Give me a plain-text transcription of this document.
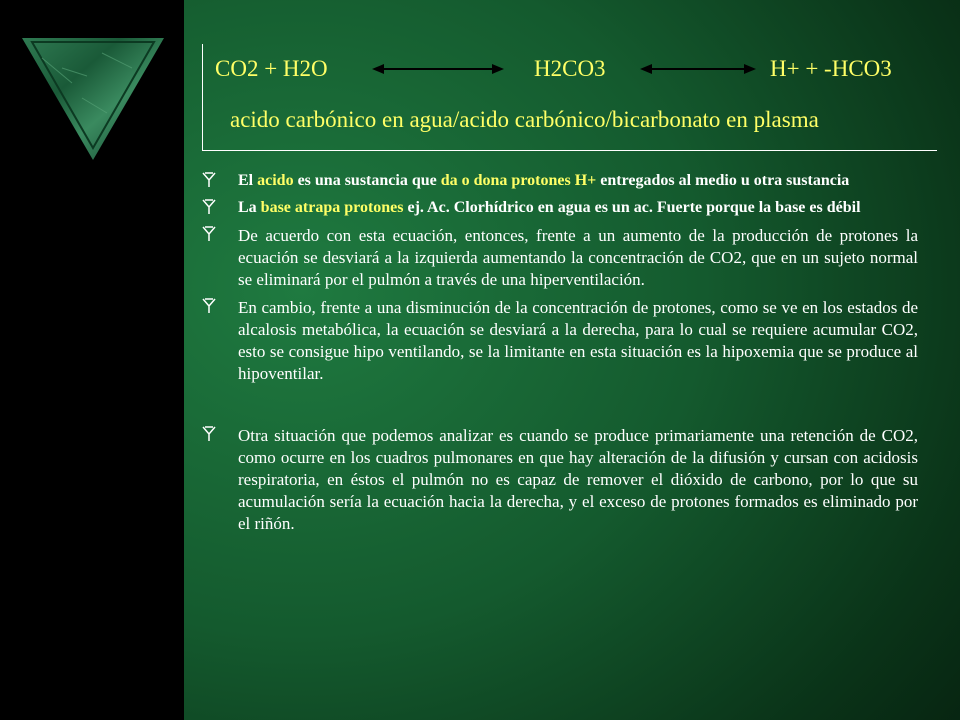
CO2 + H2O	H2CO3	H+ + -HCO3
acido carbónico en agua/acido carbónico/bicarbonato en plasma
El acido es una sustancia que da o dona protones H+ entregados al medio u otra sustancia
La base atrapa protones ej. Ac. Clorhídrico en agua es un ac. Fuerte porque la base es débil
De acuerdo con esta ecuación, entonces, frente a un aumento de la producción de protones la ecuación se desviará a la izquierda aumentando la concentración de CO2, que en un sujeto normal se eliminará por el pulmón a través de una hiperventilación.
En cambio, frente a una disminución de la concentración de protones, como se ve en los estados de alcalosis metabólica, la ecuación se desviará a la derecha, para lo cual se requiere acumular CO2, esto se consigue hipo ventilando, se la limitante en esta situación es la hipoxemia que se produce al hipoventilar.
Otra situación que podemos analizar es cuando se produce primariamente una retención de CO2, como ocurre en los cuadros pulmonares en que hay alteración de la difusión y cursan con acidosis respiratoria, en éstos el pulmón no es capaz de remover el dióxido de carbono, por lo que su acumulación sería la ecuación hacia la derecha, y el exceso de protones formados es eliminado por el riñón.
